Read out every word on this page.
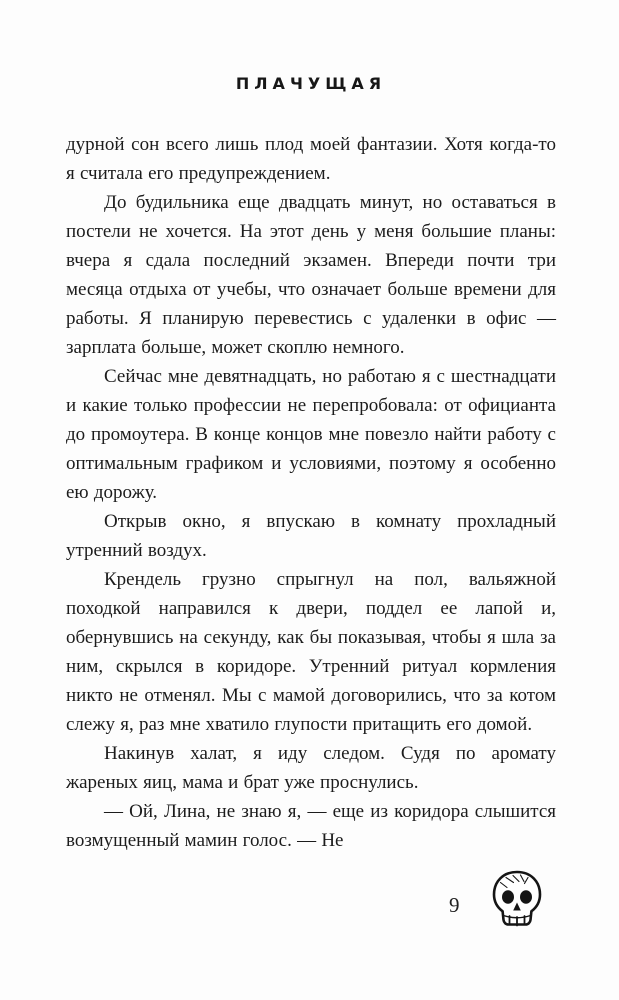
ПЛАЧУЩАЯ

дурной сон всего лишь плод моей фантазии. Хотя когда-то я считала его предупреждением.

До будильника еще двадцать минут, но оставаться в постели не хочется. На этот день у меня большие планы: вчера я сдала последний экзамен. Впереди почти три месяца отдыха от учебы, что означает больше времени для работы. Я планирую перевестись с удаленки в офис — зарплата больше, может скоплю немного.

Сейчас мне девятнадцать, но работаю я с шестнадцати и какие только профессии не перепробовала: от официанта до промоутера. В конце концов мне повезло найти работу с оптимальным графиком и условиями, поэтому я особенно ею дорожу.

Открыв окно, я впускаю в комнату прохладный утренний воздух.

Крендель грузно спрыгнул на пол, вальяжной походкой направился к двери, поддел ее лапой и, обернувшись на секунду, как бы показывая, чтобы я шла за ним, скрылся в коридоре. Утренний ритуал кормления никто не отменял. Мы с мамой договорились, что за котом слежу я, раз мне хватило глупости притащить его домой.

Накинув халат, я иду следом. Судя по аромату жареных яиц, мама и брат уже проснулись.

— Ой, Лина, не знаю я, — еще из коридора слышится возмущенный мамин голос. — Не

9
